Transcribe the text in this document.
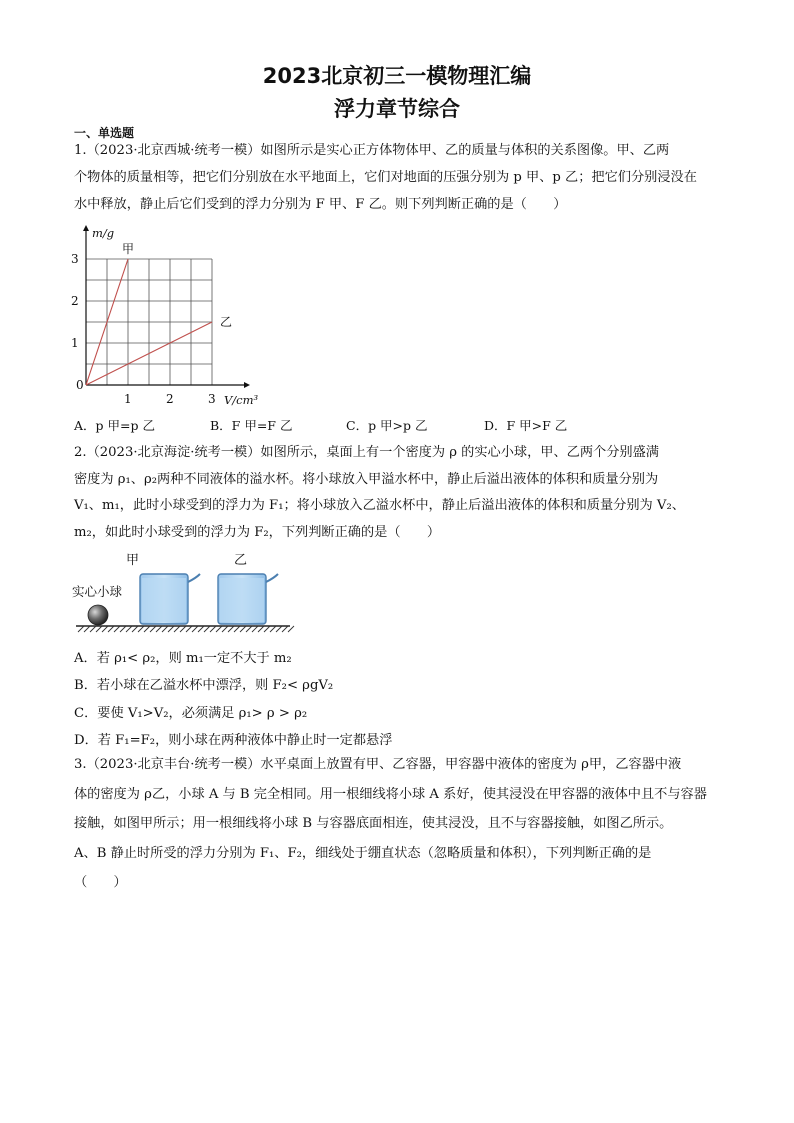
2023北京初三一模物理汇编
浮力章节综合
一、单选题
1.（2023·北京西城·统考一模）如图所示是实心正方体物体甲、乙的质量与体积的关系图像。甲、乙两
个物体的质量相等，把它们分别放在水平地面上，它们对地面的压强分别为 p 甲、p 乙；把它们分别浸没在
水中释放，静止后它们受到的浮力分别为 F 甲、F 乙。则下列判断正确的是（　　）
甲
乙
0
1	2	3
1
2
3
V/cm³
m/g
A．p 甲=p 乙	B．F 甲=F 乙	C．p 甲>p 乙	D．F 甲>F 乙
2.（2023·北京海淀·统考一模）如图所示，桌面上有一个密度为 ρ 的实心小球，甲、乙两个分别盛满
密度为 ρ₁、ρ₂两种不同液体的溢水杯。将小球放入甲溢水杯中，静止后溢出液体的体积和质量分别为
V₁、m₁，此时小球受到的浮力为 F₁；将小球放入乙溢水杯中，静止后溢出液体的体积和质量分别为 V₂、
m₂，如此时小球受到的浮力为 F₂，下列判断正确的是（　　）
甲	乙
实心小球
A．若 ρ₁< ρ₂，则 m₁一定不大于 m₂
B．若小球在乙溢水杯中漂浮，则 F₂< ρgV₂
C．要使 V₁>V₂，必须满足 ρ₁> ρ > ρ₂
D．若 F₁=F₂，则小球在两种液体中静止时一定都悬浮
3.（2023·北京丰台·统考一模）水平桌面上放置有甲、乙容器，甲容器中液体的密度为 ρ甲，乙容器中液
体的密度为 ρ乙，小球 A 与 B 完全相同。用一根细线将小球 A 系好，使其浸没在甲容器的液体中且不与容器
接触，如图甲所示；用一根细线将小球 B 与容器底面相连，使其浸没，且不与容器接触，如图乙所示。
A、B 静止时所受的浮力分别为 F₁、F₂，细线处于绷直状态（忽略质量和体积），下列判断正确的是
（　　）
